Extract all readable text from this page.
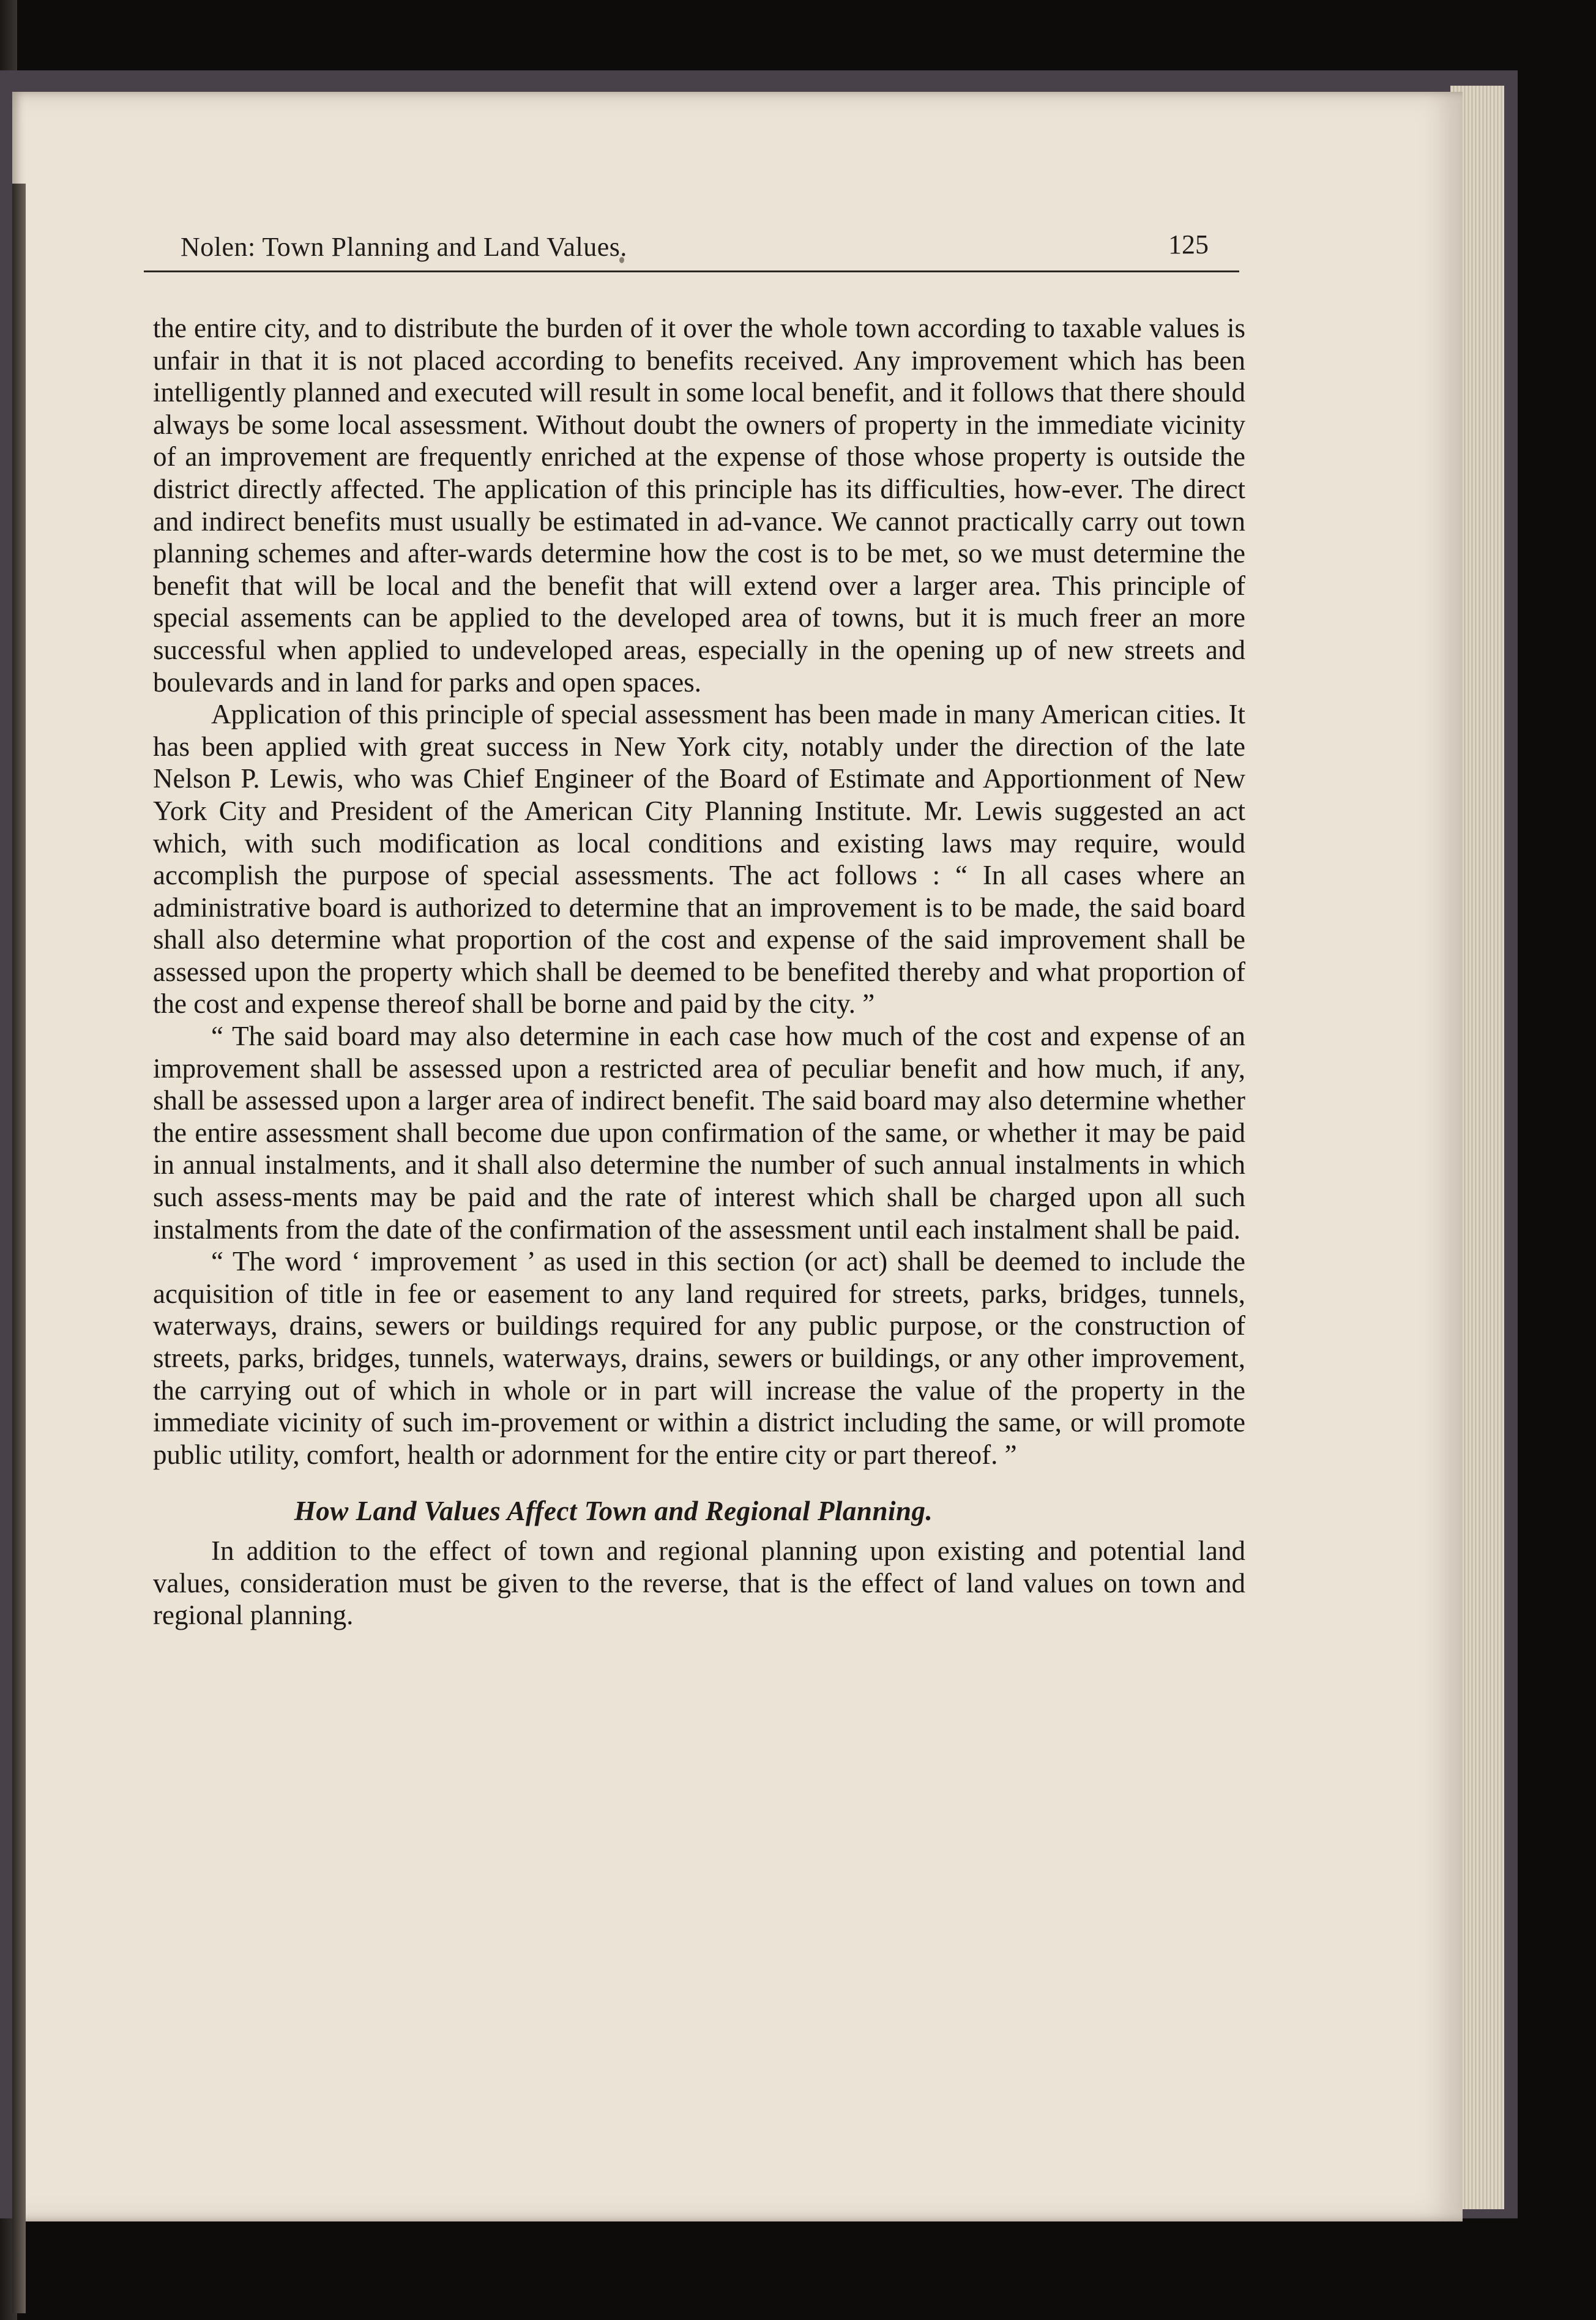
Nolen: Town Planning and Land Values.	125

the entire city, and to distribute the burden of it over the whole town according to taxable values is unfair in that it is not placed according to benefits received. Any improvement which has been intelligently planned and executed will result in some local benefit, and it follows that there should always be some local assessment. Without doubt the owners of property in the immediate vicinity of an improvement are frequently enriched at the expense of those whose property is outside the district directly affected. The application of this principle has its difficulties, how-ever. The direct and indirect benefits must usually be estimated in ad-vance. We cannot practically carry out town planning schemes and after-wards determine how the cost is to be met, so we must determine the benefit that will be local and the benefit that will extend over a larger area. This principle of special assements can be applied to the developed area of towns, but it is much freer an more successful when applied to undeveloped areas, especially in the opening up of new streets and boulevards and in land for parks and open spaces.

Application of this principle of special assessment has been made in many American cities. It has been applied with great success in New York city, notably under the direction of the late Nelson P. Lewis, who was Chief Engineer of the Board of Estimate and Apportionment of New York City and President of the American City Planning Institute. Mr. Lewis suggested an act which, with such modification as local conditions and existing laws may require, would accomplish the purpose of special assessments. The act follows : “ In all cases where an administrative board is authorized to determine that an improvement is to be made, the said board shall also determine what proportion of the cost and expense of the said improvement shall be assessed upon the property which shall be deemed to be benefited thereby and what proportion of the cost and expense thereof shall be borne and paid by the city. ”

“ The said board may also determine in each case how much of the cost and expense of an improvement shall be assessed upon a restricted area of peculiar benefit and how much, if any, shall be assessed upon a larger area of indirect benefit. The said board may also determine whether the entire assessment shall become due upon confirmation of the same, or whether it may be paid in annual instalments, and it shall also determine the number of such annual instalments in which such assess-ments may be paid and the rate of interest which shall be charged upon all such instalments from the date of the confirmation of the assessment until each instalment shall be paid.

“ The word ‘ improvement ’ as used in this section (or act) shall be deemed to include the acquisition of title in fee or easement to any land required for streets, parks, bridges, tunnels, waterways, drains, sewers or buildings required for any public purpose, or the construction of streets, parks, bridges, tunnels, waterways, drains, sewers or buildings, or any other improvement, the carrying out of which in whole or in part will increase the value of the property in the immediate vicinity of such im-provement or within a district including the same, or will promote public utility, comfort, health or adornment for the entire city or part thereof. ”

How Land Values Affect Town and Regional Planning.

In addition to the effect of town and regional planning upon existing and potential land values, consideration must be given to the reverse, that is the effect of land values on town and regional planning.
